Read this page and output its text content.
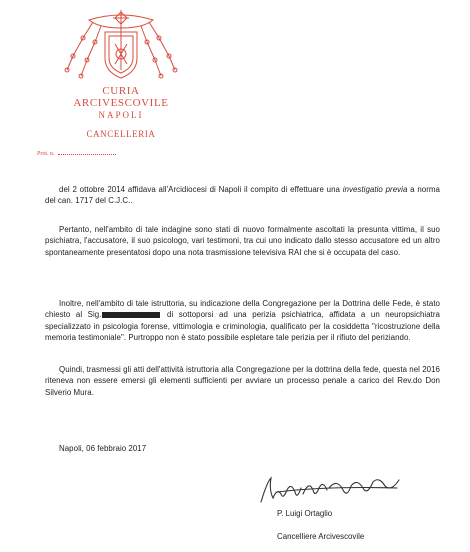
CURIA ARCIVESCOVILE
NAPOLI
CANCELLERIA
Prot. n.

del 2 ottobre 2014 affidava all'Arcidiocesi di Napoli il compito di effettuare una investigatio previa a norma del can. 1717 del C.J.C..

Pertanto, nell'ambito di tale indagine sono stati di nuovo formalmente ascoltati la presunta vittima, il suo psichiatra, l'accusatore, il suo psicologo, vari testimoni, tra cui uno indicato dallo stesso accusatore ed un altro spontaneamente presentatosi dopo una nota trasmissione televisiva RAI che si è occupata del caso.

Inoltre, nell'ambito di tale istruttoria, su indicazione della Congregazione per la Dottrina delle Fede, è stato chiesto al Sig.	di sottoporsi ad una perizia psichiatrica, affidata a un neuropsichiatra specializzato in psicologia forense, vittimologia e criminologia, qualificato per la cosiddetta "ricostruzione della memoria testimoniale". Purtroppo non è stato possibile espletare tale perizia per il rifiuto del periziando.

Quindi, trasmessi gli atti dell'attività istruttoria alla Congregazione per la dottrina della fede, questa nel 2016 riteneva non essere emersi gli elementi sufficienti per avviare un processo penale a carico del Rev.do Don Silverio Mura.

Napoli, 06 febbraio 2017

P. Luigi Ortaglio
Cancelliere Arcivescovile
